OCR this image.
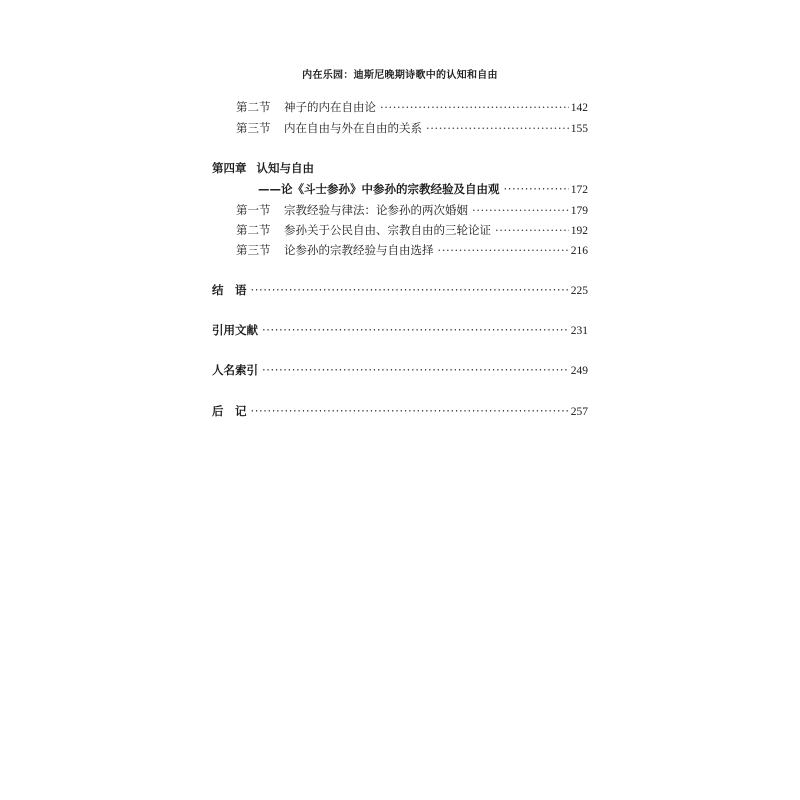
内在乐园：迪斯尼晚期诗歌中的认知和自由
第二节	神子的内在自由论 ·····	142
第三节	内在自由与外在自由的关系 ·····	155
第四章 认知与自由
——论《斗士参孙》中参孙的宗教经验及自由观 ·····	172
第一节	宗教经验与律法：论参孙的两次婚姻 ·····	179
第二节	参孙关于公民自由、宗教自由的三轮论证 ·····	192
第三节	论参孙的宗教经验与自由选择 ·····	216
结　语 ·····	225
引用文献 ·····	231
人名索引 ·····	249
后　记 ·····	257
